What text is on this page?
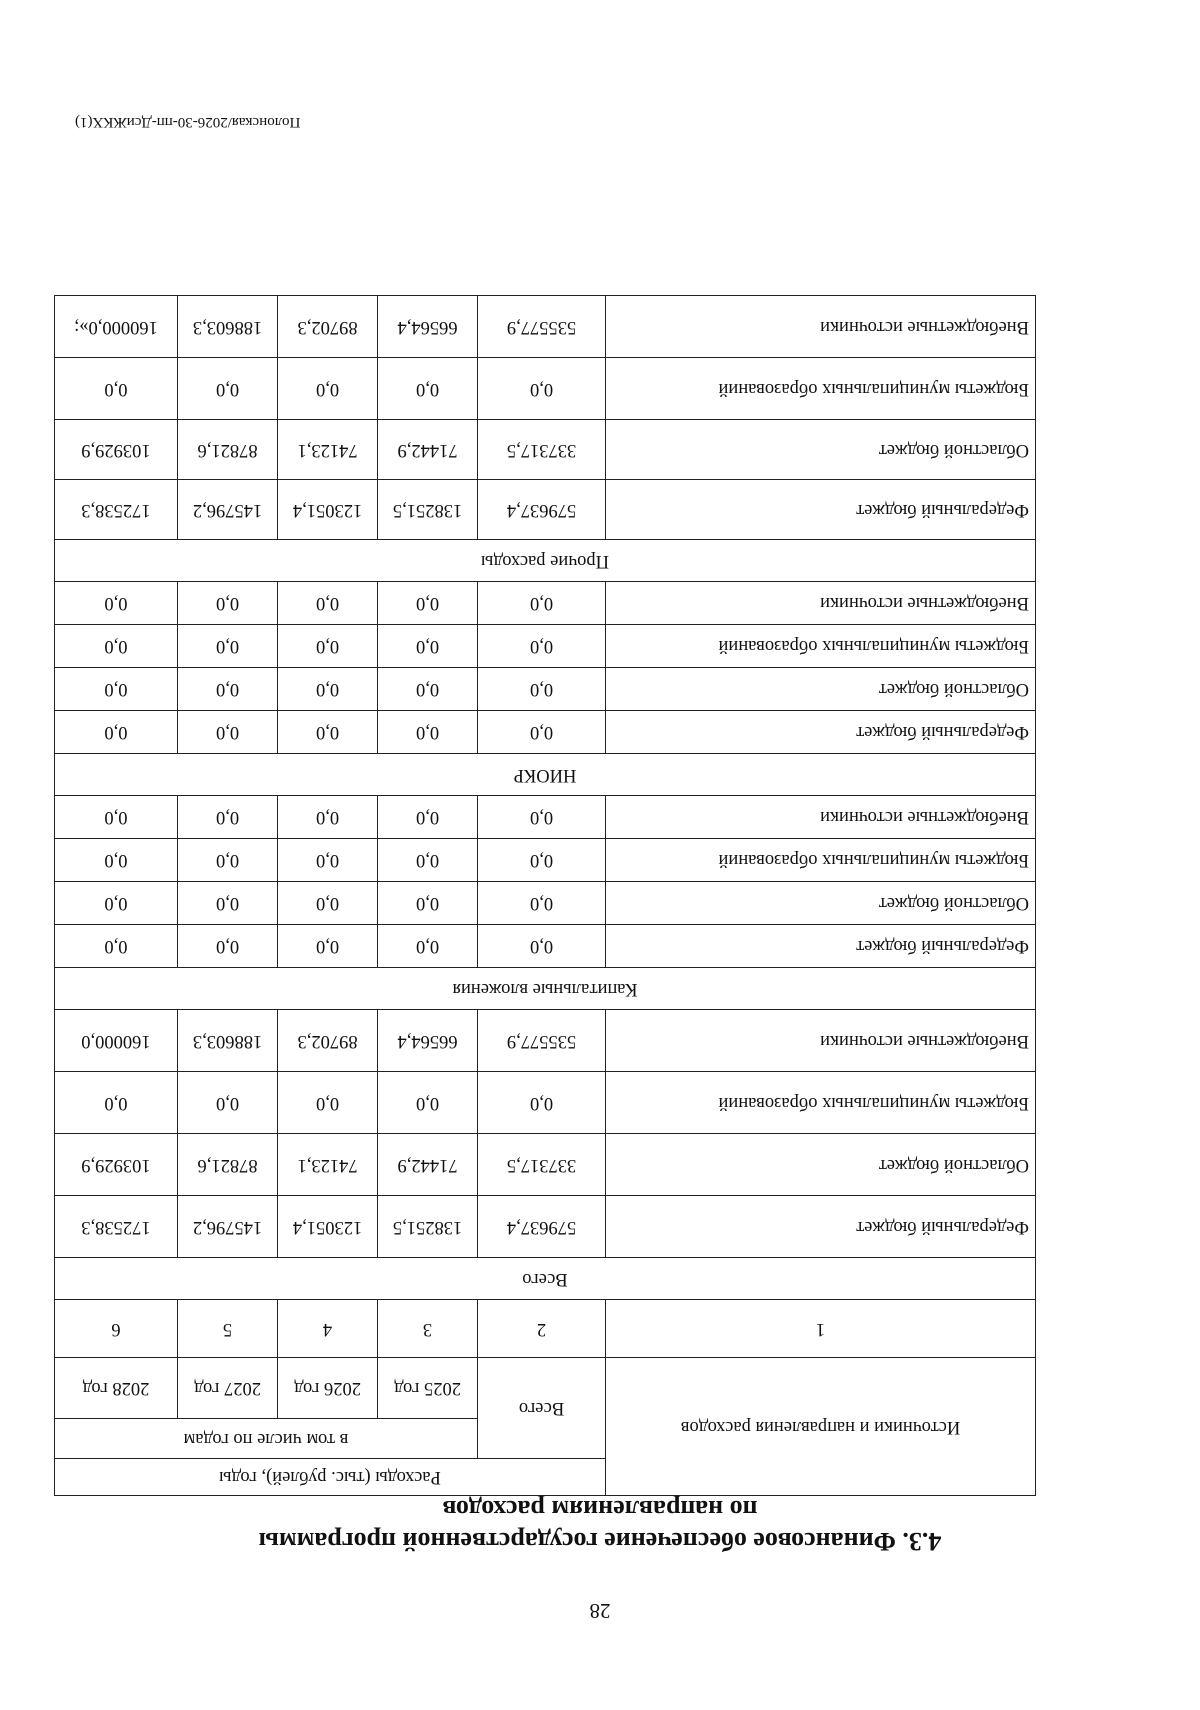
28
4.3. Финансовое обеспечение государственной программы
по направлениям расходов
Источники и направления расходов	Расходы (тыс. рублей), годы				
	Всего	в том числе по годам			
		2025 год	2026 год	2027 год	2028 год
1	2	3	4	5	6
Всего					
Федеральный бюджет	579637,4	138251,5	123051,4	145796,2	172538,3
Областной бюджет	337317,5	71442,9	74123,1	87821,6	103929,9
Бюджеты муниципальных образований	0,0	0,0	0,0	0,0	0,0
Внебюджетные источники	535577,9	66564,4	89702,3	188603,3	160000,0
Капитальные вложения					
Федеральный бюджет	0,0	0,0	0,0	0,0	0,0
Областной бюджет	0,0	0,0	0,0	0,0	0,0
Бюджеты муниципальных образований	0,0	0,0	0,0	0,0	0,0
Внебюджетные источники	0,0	0,0	0,0	0,0	0,0
НИОКР					
Федеральный бюджет	0,0	0,0	0,0	0,0	0,0
Областной бюджет	0,0	0,0	0,0	0,0	0,0
Бюджеты муниципальных образований	0,0	0,0	0,0	0,0	0,0
Внебюджетные источники	0,0	0,0	0,0	0,0	0,0
Прочие расходы					
Федеральный бюджет	579637,4	138251,5	123051,4	145796,2	172538,3
Областной бюджет	337317,5	71442,9	74123,1	87821,6	103929,9
Бюджеты муниципальных образований	0,0	0,0	0,0	0,0	0,0
Внебюджетные источники	535577,9	66564,4	89702,3	188603,3	160000,0»;
Полонская/2026-30-пп-ДсиЖКХ(1)
